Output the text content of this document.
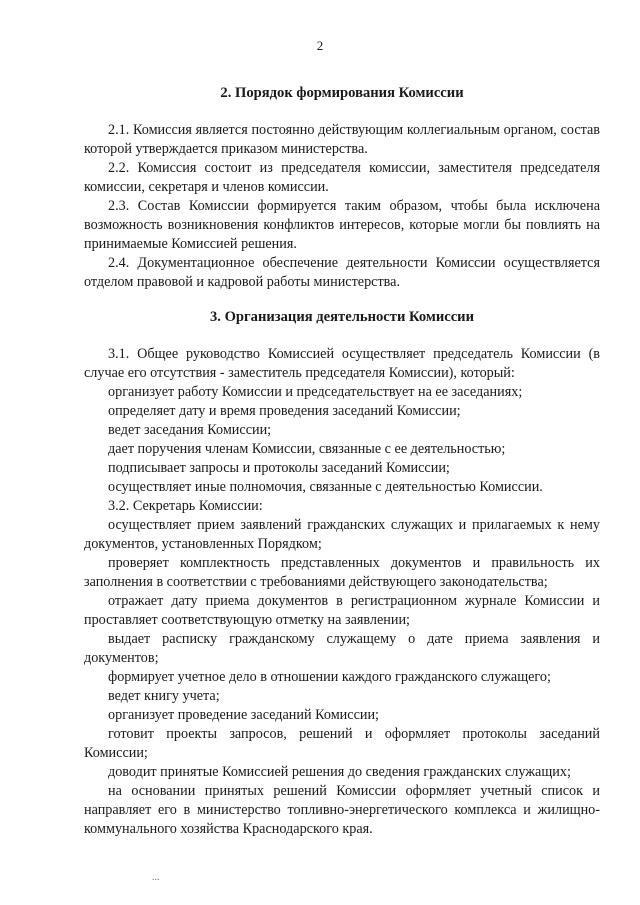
2
2. Порядок формирования Комиссии

2.1. Комиссия является постоянно действующим коллегиальным органом, состав которой утверждается приказом министерства.

2.2. Комиссия состоит из председателя комиссии, заместителя председателя комиссии, секретаря и членов комиссии.

2.3. Состав Комиссии формируется таким образом, чтобы была исключена возможность возникновения конфликтов интересов, которые могли бы повлиять на принимаемые Комиссией решения.

2.4. Документационное обеспечение деятельности Комиссии осуществляется отделом правовой и кадровой работы министерства.

3. Организация деятельности Комиссии

3.1. Общее руководство Комиссией осуществляет председатель Комиссии (в случае его отсутствия - заместитель председателя Комиссии), который:

организует работу Комиссии и председательствует на ее заседаниях;

определяет дату и время проведения заседаний Комиссии;

ведет заседания Комиссии;

дает поручения членам Комиссии, связанные с ее деятельностью;

подписывает запросы и протоколы заседаний Комиссии;

осуществляет иные полномочия, связанные с деятельностью Комиссии.

3.2. Секретарь Комиссии:

осуществляет прием заявлений гражданских служащих и прилагаемых к нему документов, установленных Порядком;

проверяет комплектность представленных документов и правильность их заполнения в соответствии с требованиями действующего законодательства;

отражает дату приема документов в регистрационном журнале Комиссии и проставляет соответствующую отметку на заявлении;

выдает расписку гражданскому служащему о дате приема заявления и документов;

формирует учетное дело в отношении каждого гражданского служащего;

ведет книгу учета;

организует проведение заседаний Комиссии;

готовит проекты запросов, решений и оформляет протоколы заседаний Комиссии;

доводит принятые Комиссией решения до сведения гражданских служащих;

на основании принятых решений Комиссии оформляет учетный список и направляет его в министерство топливно-энергетического комплекса и жилищно-коммунального хозяйства Краснодарского края.

...
